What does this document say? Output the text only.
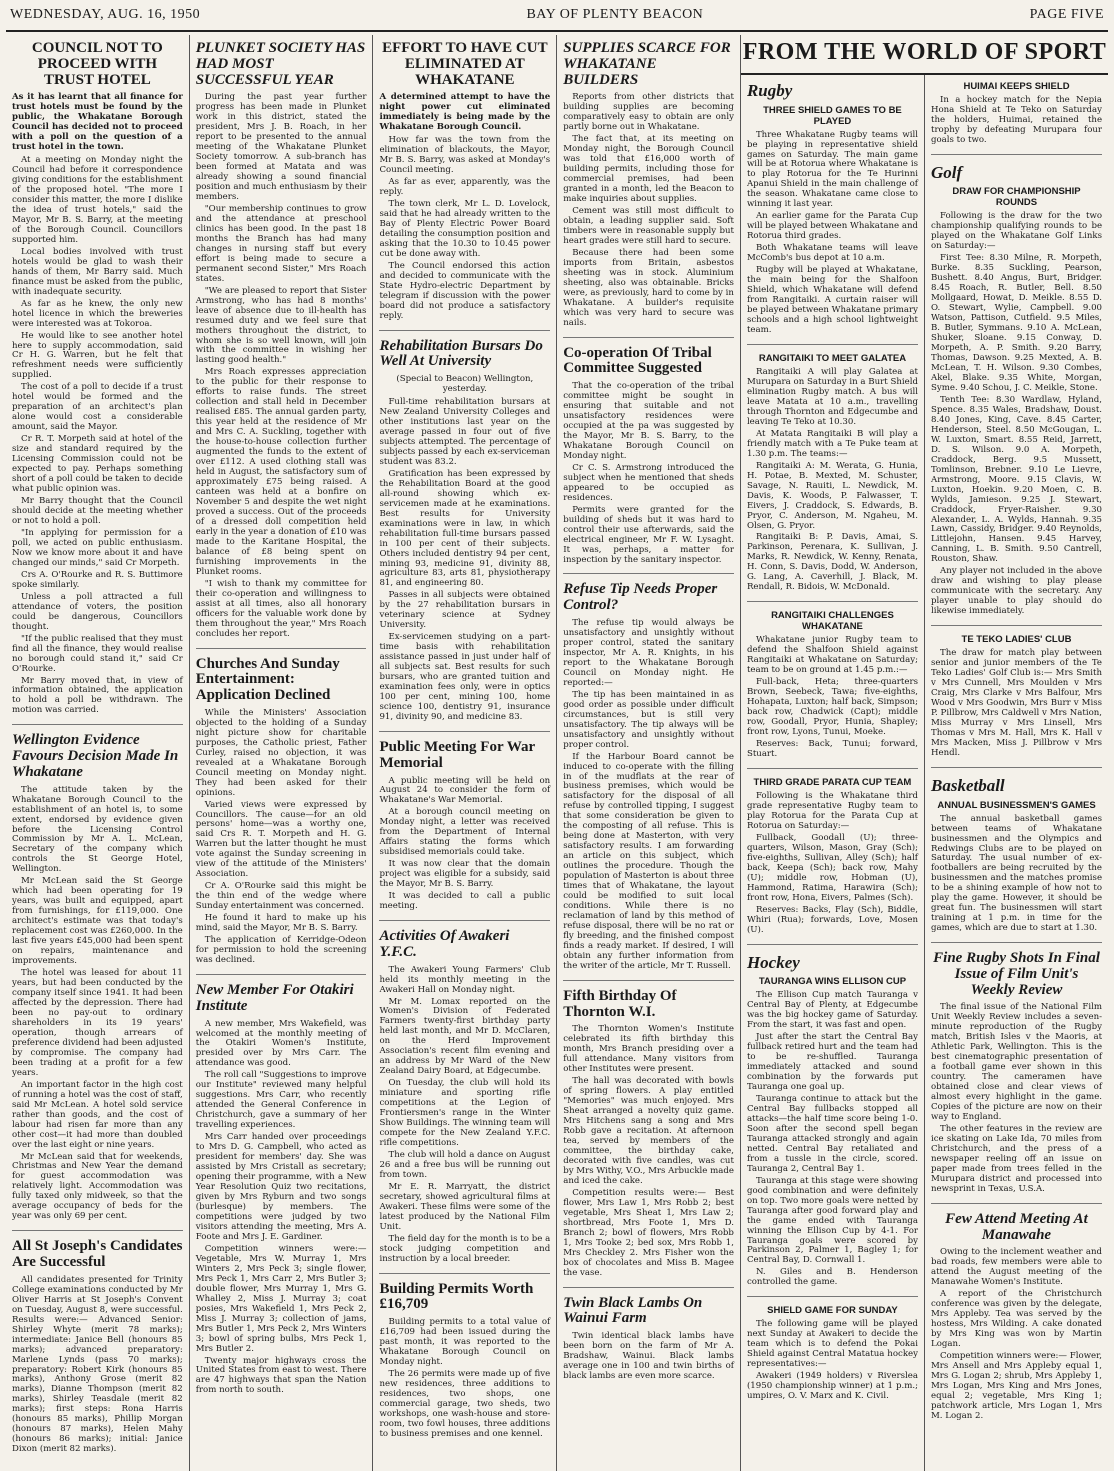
WEDNESDAY, AUG. 16, 1950	BAY OF PLENTY BEACON	PAGE FIVE
COUNCIL NOT TO PROCEED WITH TRUST HOTEL
As it has learnt that all finance for trust hotels must be found by the public, the Whakatane Borough Council has decided not to proceed with a poll on the question of a trust hotel in the town.

At a meeting on Monday night the Council had before it correspondence giving conditions for the establishment of the proposed hotel. "The more I consider this matter, the more I dislike the idea of trust hotels," said the Mayor, Mr B. S. Barry, at the meeting of the Borough Council. Councillors supported him.

Local bodies involved with trust hotels would be glad to wash their hands of them, Mr Barry said. Much finance must be asked from the public, with inadequate security.

As far as he knew, the only new hotel licence in which the breweries were interested was at Tokoroa.

He would like to see another hotel here to supply accommodation, said Cr H. G. Warren, but he felt that refreshment needs were sufficiently supplied.

The cost of a poll to decide if a trust hotel would be formed and the preparation of an architect's plan alone would cost a considerable amount, said the Mayor.

Cr R. T. Morpeth said at hotel of the size and standard required by the Licensing Commission could not be expected to pay. Perhaps something short of a poll could be taken to decide what public opinion was.

Mr Barry thought that the Council should decide at the meeting whether or not to hold a poll.

"In applying for permission for a poll, we acted on public enthusiasm. Now we know more about it and have changed our minds," said Cr Morpeth.

Crs A. O'Rourke and R. S. Buttimore spoke similarly.

Unless a poll attracted a full attendance of voters, the position could be dangerous, Councillors thought.

"If the public realised that they must find all the finance, they would realise no borough could stand it," said Cr O'Rourke.

Mr Barry moved that, in view of information obtained, the application to hold a poll be withdrawn. The motion was carried.

Wellington Evidence Favours Decision Made In Whakatane

The attitude taken by the Whakatane Borough Council to the establishment of an hotel is, to some extent, endorsed by evidence given before the Licensing Control Commission by Mr A. L. McLean, Secretary of the company which controls the St George Hotel, Wellington.

Mr McLean said the St George which had been operating for 19 years, was built and equipped, apart from furnishings, for £119,000. One architect's estimate was that today's replacement cost was £260,000. In the last five years £45,000 had been spent on repairs, maintenance and improvements.

The hotel was leased for about 11 years, but had been conducted by the company itself since 1941. It had been affected by the depression. There had been no pay-out to ordinary shareholders in its 19 years' operation, though arrears of preference dividend had been adjusted by compromise. The company had been trading at a profit for a few years.

An important factor in the high cost of running a hotel was the cost of staff, said Mr McLean. A hotel sold service rather than goods, and the cost of labour had risen far more than any other cost—it had more than doubled over the last eight or nine years.

Mr McLean said that for weekends, Christmas and New Year the demand for guest accommodation was relatively light. Accommodation was fully taxed only midweek, so that the average occupancy of beds for the year was only 69 per cent.

All St Joseph's Candidates Are Successful

All candidates presented for Trinity College examinations conducted by Mr Oliver Harris at St Joseph's Convent on Tuesday, August 8, were successful. Results were:— Advanced Senior: Shirley Whyte (merit 78 marks); intermediate: Janice Bell (honours 85 marks); advanced preparatory: Marlene Lynds (pass 70 marks); preparatory: Robert Kirk (honours 85 marks), Anthony Grose (merit 82 marks), Dianne Thompson (merit 82 marks), Shirley Teasdale (merit 82 marks); first steps: Rona Harris (honours 85 marks), Phillip Morgan (honours 87 marks), Helen Mahy (honours 86 marks); initial: Janice Dixon (merit 82 marks).

PLUNKET SOCIETY HAS HAD MOST SUCCESSFUL YEAR

During the past year further progress has been made in Plunket work in this district, stated the president, Mrs J. B. Roach, in her report to be presented to the annual meeting of the Whakatane Plunket Society tomorrow. A sub-branch has been formed at Matata and was already showing a sound financial position and much enthusiasm by their members.

"Our membership continues to grow and the attendance at preschool clinics has been good. In the past 18 months the Branch has had many changes in nursing staff but every effort is being made to secure a permanent second Sister," Mrs Roach states.

"We are pleased to report that Sister Armstrong, who has had 8 months' leave of absence due to ill-health has resumed duty and we feel sure that mothers throughout the district, to whom she is so well known, will join with the committee in wishing her lasting good health."

Mrs Roach expresses appreciation to the public for their response to efforts to raise funds. The street collection and stall held in December realised £85. The annual garden party, this year held at the residence of Mr and Mrs C. A. Suckling, together with the house-to-house collection further augmented the funds to the extent of over £112. A used clothing stall was held in August, the satisfactory sum of approximately £75 being raised. A canteen was held at a bonfire on November 5 and despite the wet night proved a success. Out of the proceeds of a dressed doll competition held early in the year a donation of £10 was made to the Karitane Hospital, the balance of £8 being spent on furnishing improvements in the Plunket rooms.

"I wish to thank my committee for their co-operation and willingness to assist at all times, also all honorary officers for the valuable work done by them throughout the year," Mrs Roach concludes her report.

Churches And Sunday Entertainment: Application Declined

While the Ministers' Association objected to the holding of a Sunday night picture show for charitable purposes, the Catholic priest, Father Curley, raised no objection, it was revealed at a Whakatane Borough Council meeting on Monday night. They had been asked for their opinions.

Varied views were expressed by Councillors. The cause—for an old persons' home—was a worthy one, said Crs R. T. Morpeth and H. G. Warren but the latter thought he must vote against the Sunday screening in view of the attitude of the Ministers' Association.

Cr A. O'Rourke said this might be the thin end of the wedge where Sunday entertainment was concerned.

He found it hard to make up his mind, said the Mayor, Mr B. S. Barry.

The application of Kerridge-Odeon for permission to hold the screening was declined.

New Member For Otakiri Institute

A new member, Mrs Wakefield, was welcomed at the monthly meeting of the Otakiri Women's Institute, presided over by Mrs Carr. The attendance was good.

The roll call "Suggestions to improve our Institute" reviewed many helpful suggestions. Mrs Carr, who recently attended the General Conference in Christchurch, gave a summary of her travelling experiences.

Mrs Carr handed over proceedings to Mrs D. G. Campbell, who acted as president for members' day. She was assisted by Mrs Cristall as secretary; opening their programme, with a New Year Resolution Quiz two recitations, given by Mrs Ryburn and two songs (burlesque) by members. The competitions were judged by two visitors attending the meeting, Mrs A. Foote and Mrs J. E. Gardiner.

Competition winners were:— Vegetable, Mrs W. Murray 1, Mrs Winters 2, Mrs Peck 3; single flower, Mrs Peck 1, Mrs Carr 2, Mrs Butler 3; double flower, Mrs Murray 1, Mrs G. Whalley 2, Miss J. Murray 3; coat posies, Mrs Wakefield 1, Mrs Peck 2, Miss J. Murray 3; collection of jams, Mrs Butler 1, Mrs Peck 2, Mrs Winters 3; bowl of spring bulbs, Mrs Peck 1, Mrs Butler 2.

Twenty major highways cross the United States from east to west. There are 47 highways that span the Nation from north to south.

EFFORT TO HAVE CUT ELIMINATED AT WHAKATANE
A determined attempt to have the night power cut eliminated immediately is being made by the Whakatane Borough Council.

How far was the town from the elimination of blackouts, the Mayor, Mr B. S. Barry, was asked at Monday's Council meeting.

As far as ever, apparently, was the reply.

The town clerk, Mr L. D. Lovelock, said that he had already written to the Bay of Plenty Electric Power Board detailing the consumption position and asking that the 10.30 to 10.45 power cut be done away with.

The Council endorsed this action and decided to communicate with the State Hydro-electric Department by telegram if discussion with the power board did not produce a satisfactory reply.

Rehabilitation Bursars Do Well At University
(Special to Beacon) Wellington, yesterday.

Full-time rehabilitation bursars at New Zealand University Colleges and other institutions last year on the average passed in four out of five subjects attempted. The percentage of subjects passed by each ex-serviceman student was 83.2.

Gratification has been expressed by the Rehabilitation Board at the good all-round showing which ex-servicemen made at he examinations. Best results for University examinations were in law, in which rehabilitation full-time bursars passed in 100 per cent of their subjects. Others included dentistry 94 per cent, mining 93, medicine 91, divinity 88, agriculture 83, arts 81, physiotherapy 81, and engineering 80.

Passes in all subjects were obtained by the 27 rehabilitation bursars in veterinary science at Sydney University.

Ex-servicemen studying on a part-time basis with rehabilitation assistance passed in just under half of all subjects sat. Best results for such bursars, who are granted tuition and examination fees only, were in optics 100 per cent, mining 100, home science 100, dentistry 91, insurance 91, divinity 90, and medicine 83.

Public Meeting For War Memorial

A public meeting will be held on August 24 to consider the form of Whakatane's War Memorial.

At a borough council meeting on Monday night, a letter was received from the Department of Internal Affairs stating the forms which subsidised memorials could take.

It was now clear that the domain project was eligible for a subsidy, said the Mayor, Mr B. S. Barry.

It was decided to call a public meeting.

Activities Of Awakeri Y.F.C.

The Awakeri Young Farmers' Club held its monthly meeting in the Awakeri Hall on Monday night.

Mr M. Lomax reported on the Women's Division of Federated Farmers twenty-first birthday party held last month, and Mr D. McClaren, on the Herd Improvement Association's recent film evening and an address by Mr Ward of the New Zealand Dairy Board, at Edgecumbe.

On Tuesday, the club will hold its miniature and sporting rifle competitions at the Legion of Frontiersmen's range in the Winter Show Buildings. The winning team will compete for the New Zealand Y.F.C. rifle competitions.

The club will hold a dance on August 26 and a free bus will be running out from town.

Mr E. R. Marryatt, the district secretary, showed agricultural films at Awakeri. These films were some of the latest produced by the National Film Unit.

The field day for the month is to be a stock judging competition and instruction by a local breeder.

Building Permits Worth £16,709

Building permits to a total value of £16,709 had been issued during the past month, it was reported to the Whakatane Borough Council on Monday night.

The 26 permits were made up of five new residences, three additions to residences, two shops, one commercial garage, two sheds, two workshops, one wash-house and store-room, two fowl houses, three additions to business premises and one kennel.

SUPPLIES SCARCE FOR WHAKATANE BUILDERS

Reports from other districts that building supplies are becoming comparatively easy to obtain are only partly borne out in Whakatane.

The fact that, at its meeting on Monday night, the Borough Council was told that £16,000 worth of building permits, including those for commercial premises, had been granted in a month, led the Beacon to make inquiries about supplies.

Cement was still most difficult to obtain, a leading supplier said. Soft timbers were in reasonable supply but heart grades were still hard to secure.

Because there had been some imports from Britain, asbestos sheeting was in stock. Aluminium sheeting, also was obtainable. Bricks were, as previously, hard to come by in Whakatane. A builder's requisite which was very hard to secure was nails.

Co-operation Of Tribal Committee Suggested

That the co-operation of the tribal committee might be sought in ensuring that suitable and not unsatisfactory residences were occupied at the pa was suggested by the Mayor, Mr B. S. Barry, to the Whakatane Borough Council on Monday night.

Cr C. S. Armstrong introduced the subject when he mentioned that sheds appeared to be occupied as residences.

Permits were granted for the building of sheds but it was hard to control their use afterwards, said the electrical engineer, Mr F. W. Lysaght. It was, perhaps, a matter for inspection by the sanitary inspector.

Refuse Tip Needs Proper Control?

The refuse tip would always be unsatisfactory and unsightly without proper control, stated the sanitary inspector, Mr A. R. Knights, in his report to the Whakatane Borough Council on Monday night. He reported:—

The tip has been maintained in as good order as possible under difficult circumstances, but is still very unsatisfactory. The tip always will be unsatisfactory and unsightly without proper control.

If the Harbour Board cannot be induced to co-operate with the filling in of the mudflats at the rear of business premises, which would be satisfactory for the disposal of all refuse by controlled tipping, I suggest that some consideration be given to the composting of all refuse. This is being done at Masterton, with very satisfactory results. I am forwarding an article on this subject, which outlines the procedure. Though the population of Masterton is about three times that of Whakatane, the layout could be modified to suit local conditions. While there is no reclamation of land by this method of refuse disposal, there will be no rat or fly breeding, and the finished compost finds a ready market. If desired, I will obtain any further information from the writer of the article, Mr T. Russell.

Fifth Birthday Of Thornton W.I.

The Thornton Women's Institute celebrated its fifth birthday this month, Mrs Branch presiding over a full attendance. Many visitors from other Institutes were present.

The hall was decorated with bowls of spring flowers. A play entitled "Memories" was much enjoyed. Mrs Sheat arranged a novelty quiz game. Mrs Hitchens sang a song and Mrs Robb gave a recitation. At afternoon tea, served by members of the committee, the birthday cake, decorated with five candles, was cut by Mrs Withy, V.O., Mrs Arbuckle made and iced the cake.

Competition results were:— Best flower, Mrs Law 1, Mrs Robb 2; best vegetable, Mrs Sheat 1, Mrs Law 2; shortbread, Mrs Foote 1, Mrs D. Branch 2; bowl of flowers, Mrs Robb 1, Mrs Tooke 2; bed sox, Mrs Robb 1, Mrs Checkley 2. Mrs Fisher won the box of chocolates and Miss B. Magee the vase.

Twin Black Lambs On Wainui Farm

Twin identical black lambs have been born on the farm of Mr A. Bradshaw, Wainui. Black lambs average one in 100 and twin births of black lambs are even more scarce.

FROM THE WORLD OF SPORT
Rugby
THREE SHIELD GAMES TO BE PLAYED

Three Whakatane Rugby teams will be playing in representative shield games on Saturday. The main game will be at Rotorua where Whakatane is to play Rotorua for the Te Hurinni Apanui Shield in the main challenge of the season. Whakatane came close to winning it last year.

An earlier game for the Parata Cup will be played between Whakatane and Rotorua third grades.

Both Whakatane teams will leave McComb's bus depot at 10 a.m.

Rugby will be played at Whakatane, the main being for the Shalfoon Shield, which Whakatane will defend from Rangitaiki. A curtain raiser will be played between Whakatane primary schools and a high school lightweight team.

RANGITAIKI TO MEET GALATEA

Rangitaiki A will play Galatea at Murupara on Saturday in a Burt Shield elimination Rugby match. A bus will leave Matata at 10 a.m., travelling through Thornton and Edgecumbe and leaving Te Teko at 10.30.

At Matata Rangitaiki B will play a friendly match with a Te Puke team at 1.30 p.m. The teams:—

Rangitaiki A: M. Werata, G. Hunia, H. Potae, B. Mexted, M. Schuster, Savage, N. Rauiti, L. Newdick, M. Davis, K. Woods, P. Falwasser, T. Eivers, J. Craddock, S. Edwards, B. Pryor, C. Anderson, M. Ngaheu, M. Olsen, G. Pryor.

Rangitaiki B: P. Davis, Amai, S. Parkinson, Perenara, K. Sullivan, J. Marks, R. Newdick, W. Kenny, Renata, H. Conn, S. Davis, Dodd, W. Anderson, G. Lang, A. Caverhill, J. Black, M. Rendall, R. Bidois, W. McDonald.

RANGITAIKI CHALLENGES WHAKATANE

Whakatane junior Rugby team to defend the Shalfoon Shield against Rangitaiki at Whakatane on Saturday; team to be on ground at 1.45 p.m.:—

Full-back, Heta; three-quarters Brown, Seebeck, Tawa; five-eighths, Hohapata, Luxton; half back, Simpson; back row, Chadwick (Capt); middle row, Goodall, Pryor, Hunia, Shapley; front row, Lyons, Tunui, Moeke.

Reserves: Back, Tunui; forward, Stuart.

THIRD GRADE PARATA CUP TEAM

Following is the Whakatane third grade representative Rugby team to play Rotorua for the Parata Cup at Rotorua on Saturday:—

Fullback, Goodall (U); three-quarters, Wilson, Mason, Gray (Sch); five-eighths, Sullivan, Alley (Sch); half back, Keepa (Sch); back row, Mahy (U); middle row, Hobman (U), Hammond, Ratima, Harawira (Sch); front row, Hona, Eivers, Palmes (Sch).

Reserves: Backs, Flay (Sch), Biddle, Whiri (Rua); forwards, Love, Mosen (U).

Hockey
TAURANGA WINS ELLISON CUP

The Ellison Cup match Tauranga v Central Bay of Plenty, at Edgecumbe was the big hockey game of Saturday. From the start, it was fast and open.

Just after the start the Central Bay fullback retired hurt and the team had to be re-shuffled. Tauranga immediately attacked and sound combination by the forwards put Tauranga one goal up.

Tauranga continue to attack but the Central Bay fullbacks stopped all attacks—the half time score being 1-0. Soon after the second spell began Tauranga attacked strongly and again netted. Central Bay retaliated and from a tussle in the circle, scored. Tauranga 2, Central Bay 1.

Tauranga at this stage were showing good combination and were definitely on top. Two more goals were netted by Tauranga after good forward play and the game ended with Tauranga winning the Ellison Cup by 4-1. For Tauranga goals were scored by Parkinson 2, Palmer 1, Bagley 1; for Central Bay, D. Cornwall 1.

N. Giles and B. Henderson controlled the game.

SHIELD GAME FOR SUNDAY

The following game will be played next Sunday at Awakeri to decide the team which is to defend the Pokai Shield against Central Matatua hockey representatives:—

Awakeri (1949 holders) v Riverslea (1950 championship winner) at 1 p.m.; umpires, O. V. Marx and K. Civil.

HUIMAI KEEPS SHIELD

In a hockey match for the Nepia Hona Shield at Te Teko on Saturday the holders, Huimai, retained the trophy by defeating Murupara four goals to two.

Golf
DRAW FOR CHAMPIONSHIP ROUNDS

Following is the draw for the two championship qualifying rounds to be played on the Whakatane Golf Links on Saturday:—

First Tee: 8.30 Milne, R. Morpeth, Burke. 8.35 Suckling, Pearson, Bushett. 8.40 Angus, Burt, Bridger. 8.45 Roach, R. Butler, Bell. 8.50 Mollgaard, Howat, D. Meikle. 8.55 D. O. Stewart, Wylie, Campbell. 9.00 Watson, Pattison, Cutfield. 9.5 Miles, B. Butler, Symmans. 9.10 A. McLean, Shuker, Sloane. 9.15 Conway, D. Morpeth, A. P. Smith. 9.20 Barry, Thomas, Dawson. 9.25 Mexted, A. B. McLean, T. H. Wilson. 9.30 Combes, Akel, Blake. 9.35 White, Morgan, Syme. 9.40 Schou, J. C. Meikle, Stone.

Tenth Tee: 8.30 Wardlaw, Hyland, Spence. 8.35 Wales, Bradshaw, Doust. 8.40 Jones, King, Cave. 8.45 Carter, Henderson, Steel. 8.50 McGougan, L. W. Luxton, Smart. 8.55 Reid, Jarrett, D. S. Wilson. 9.0 A. Morpeth, Craddock, Berg. 9.5 Mussett, Tomlinson, Brebner. 9.10 Le Lievre, Armstrong, Moore. 9.15 Clavis, W. Luxton, Hoekin. 9.20 Moen, C. B. Wylds, Jamieson. 9.25 J. Stewart, Craddock, Fryer-Raisher. 9.30 Alexander, L. A. Wylds, Hannah. 9.35 Lawn, Cassidy, Bridger. 9.40 Reynolds, Littlejohn, Hansen. 9.45 Harvey, Canning, L. B. Smith. 9.50 Cantrell, Rouston, Shaw.

Any player not included in the above draw and wishing to play please communicate with the secretary. Any player unable to play should do likewise immediately.

TE TEKO LADIES' CLUB

The draw for match play between senior and junior members of the Te Teko Ladies' Golf Club is:— Mrs Smith v Mrs Cunnell, Mrs Moulden v Mrs Craig, Mrs Clarke v Mrs Balfour, Mrs Wood v Mrs Goodwin, Mrs Burr v Miss P. Pillbrow, Mrs Caldwell v Mrs Nation, Miss Murray v Mrs Linsell, Mrs Thomas v Mrs M. Hall, Mrs K. Hall v Mrs Macken, Miss J. Pillbrow v Mrs Hendl.

Basketball
ANNUAL BUSINESSMEN'S GAMES

The annual basketball games between teams of Whakatane businessmen and the Olympics and Redwings Clubs are to be played on Saturday. The usual number of ex-footballers are being recruited by the businessmen and the matches promise to be a shining example of how not to play the game. However, it should be great fun. The businessmen will start training at 1 p.m. in time for the games, which are due to start at 1.30.

Fine Rugby Shots In Final Issue of Film Unit's Weekly Review

The final issue of the National Film Unit Weekly Review includes a seven-minute reproduction of the Rugby match, British Isles v the Maoris, at Athletic Park, Wellington. This is the best cinematographic presentation of a football game ever shown in this country. The cameramen have obtained close and clear views of almost every highlight in the game. Copies of the picture are now on their way to England.

The other features in the review are ice skating on Lake Ida, 70 miles from Christchurch, and the press of a newspaper reeling off an issue on paper made from trees felled in the Murupara district and processed into newsprint in Texas, U.S.A.

Few Attend Meeting At Manawahe

Owing to the inclement weather and bad roads, few members were able to attend the August meeting of the Manawahe Women's Institute.

A report of the Christchurch conference was given by the delegate, Mrs Appleby. Tea was served by the hostess, Mrs Wilding. A cake donated by Mrs King was won by Martin Logan.

Competition winners were:— Flower, Mrs Ansell and Mrs Appleby equal 1, Mrs G. Logan 2; shrub, Mrs Appleby 1, Mrs Logan, Mrs King and Mrs Jones, equal 2; vegetable, Mrs King 1; patchwork article, Mrs Logan 1, Mrs M. Logan 2.
